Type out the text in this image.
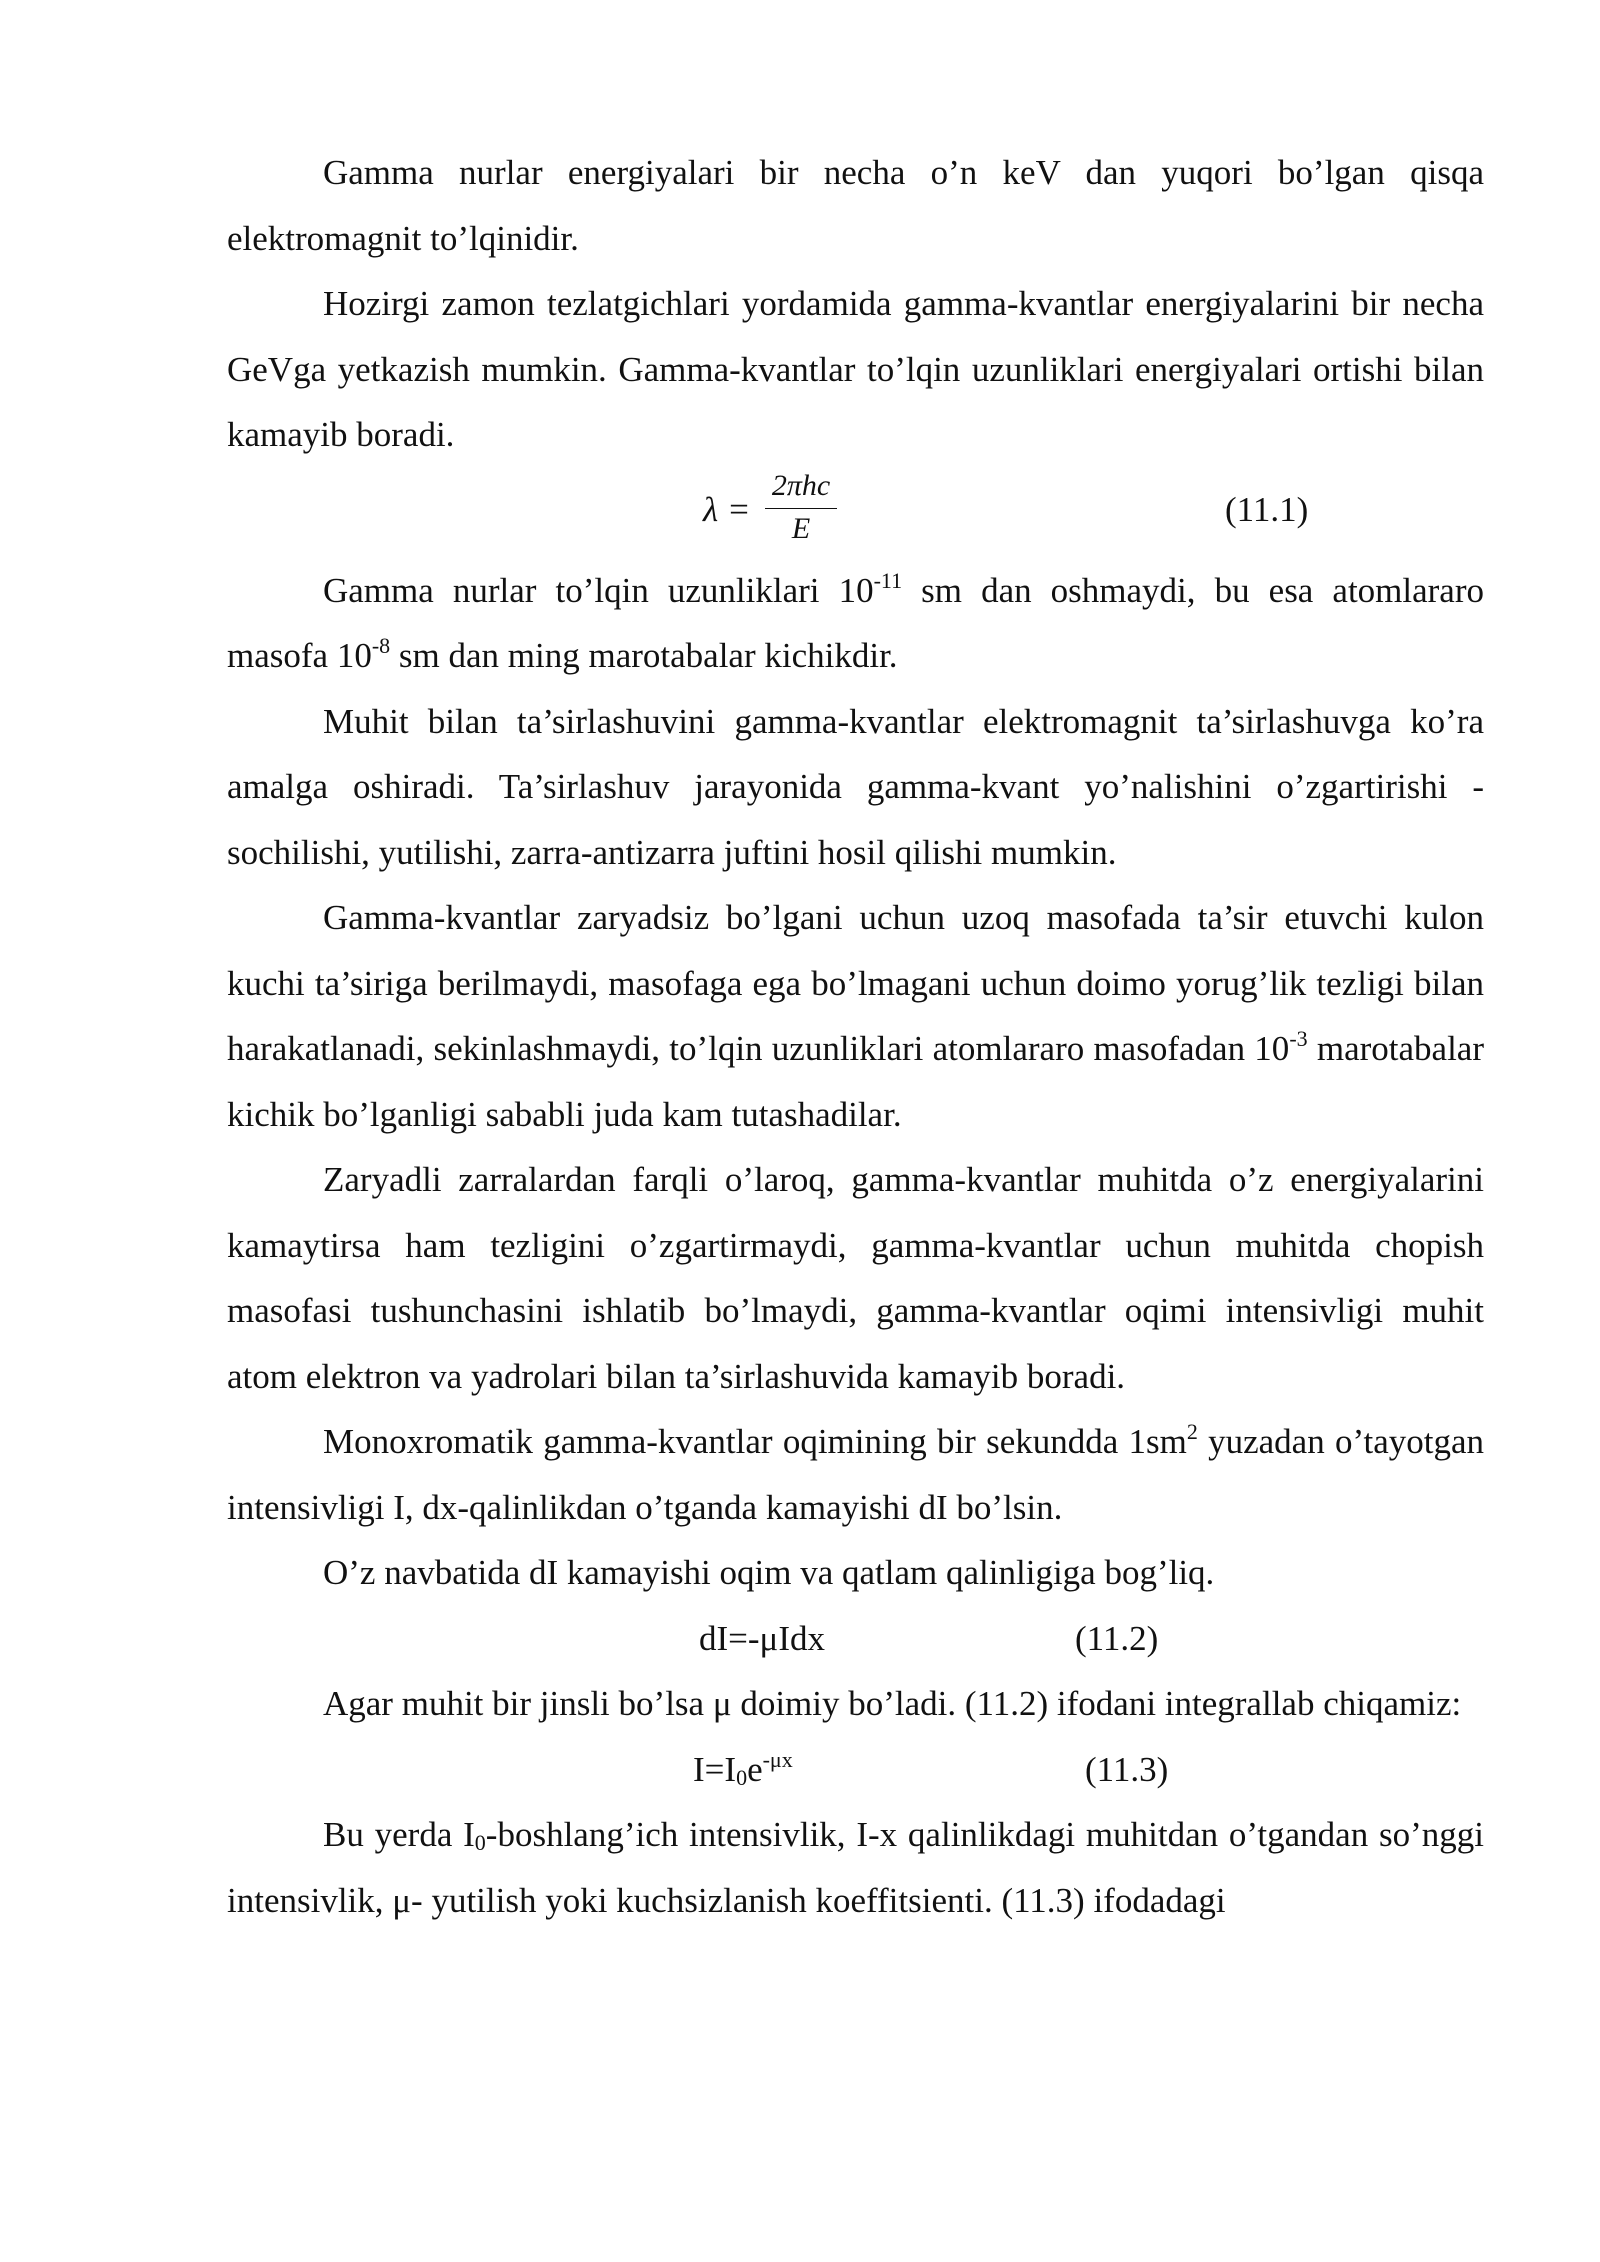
Gamma nurlar energiyalari bir necha o’n keV dan yuqori bo’lgan qisqa elektromagnit to’lqinidir.

Hozirgi zamon tezlatgichlari yordamida gamma-kvantlar energiyalarini bir necha GeVga yetkazish mumkin. Gamma-kvantlar to’lqin uzunliklari energiyalari ortishi bilan kamayib boradi.

λ =
2πhc
E	(11.1)

Gamma nurlar to’lqin uzunliklari $10^{-11}$ sm dan oshmaydi, bu esa atomlararo masofa $10^{-8}$ sm dan ming marotabalar kichikdir.

Muhit bilan ta’sirlashuvini gamma-kvantlar elektromagnit ta’sirlashuvga ko’ra amalga oshiradi. Ta’sirlashuv jarayonida gamma-kvant yo’nalishini o’zgartirishi - sochilishi, yutilishi, zarra-antizarra juftini hosil qilishi mumkin.

Gamma-kvantlar zaryadsiz bo’lgani uchun uzoq masofada ta’sir etuvchi kulon kuchi ta’siriga berilmaydi, masofaga ega bo’lmagani uchun doimo yorug’lik tezligi bilan harakatlanadi, sekinlashmaydi, to’lqin uzunliklari atomlararo masofadan $10^{-3}$ marotabalar kichik bo’lganligi sababli juda kam tutashadilar.

Zaryadli zarralardan farqli o’laroq, gamma-kvantlar muhitda o’z energiyalarini kamaytirsa ham tezligini o’zgartirmaydi, gamma-kvantlar uchun muhitda chopish masofasi tushunchasini ishlatib bo’lmaydi, gamma-kvantlar oqimi intensivligi muhit atom elektron va yadrolari bilan ta’sirlashuvida kamayib boradi.

Monoxromatik gamma-kvantlar oqimining bir sekundda $1sm^2$ yuzadan o’tayotgan intensivligi I, dx-qalinlikdan o’tganda kamayishi dI bo’lsin.

O’z navbatida dI kamayishi oqim va qatlam qalinligiga bog’liq.

dI=-μIdx	(11.2)

Agar muhit bir jinsli bo’lsa μ doimiy bo’ladi. (11.2) ifodani integrallab chiqamiz:

$I=I_0e^{-\mu x}$	(11.3)

Bu yerda $I_0-boshlang’ich$ intensivlik, I-x qalinlikdagi muhitdan o’tgandan so’nggi intensivlik, μ- yutilish yoki kuchsizlanish koeffitsienti. (11.3) ifodadagi
